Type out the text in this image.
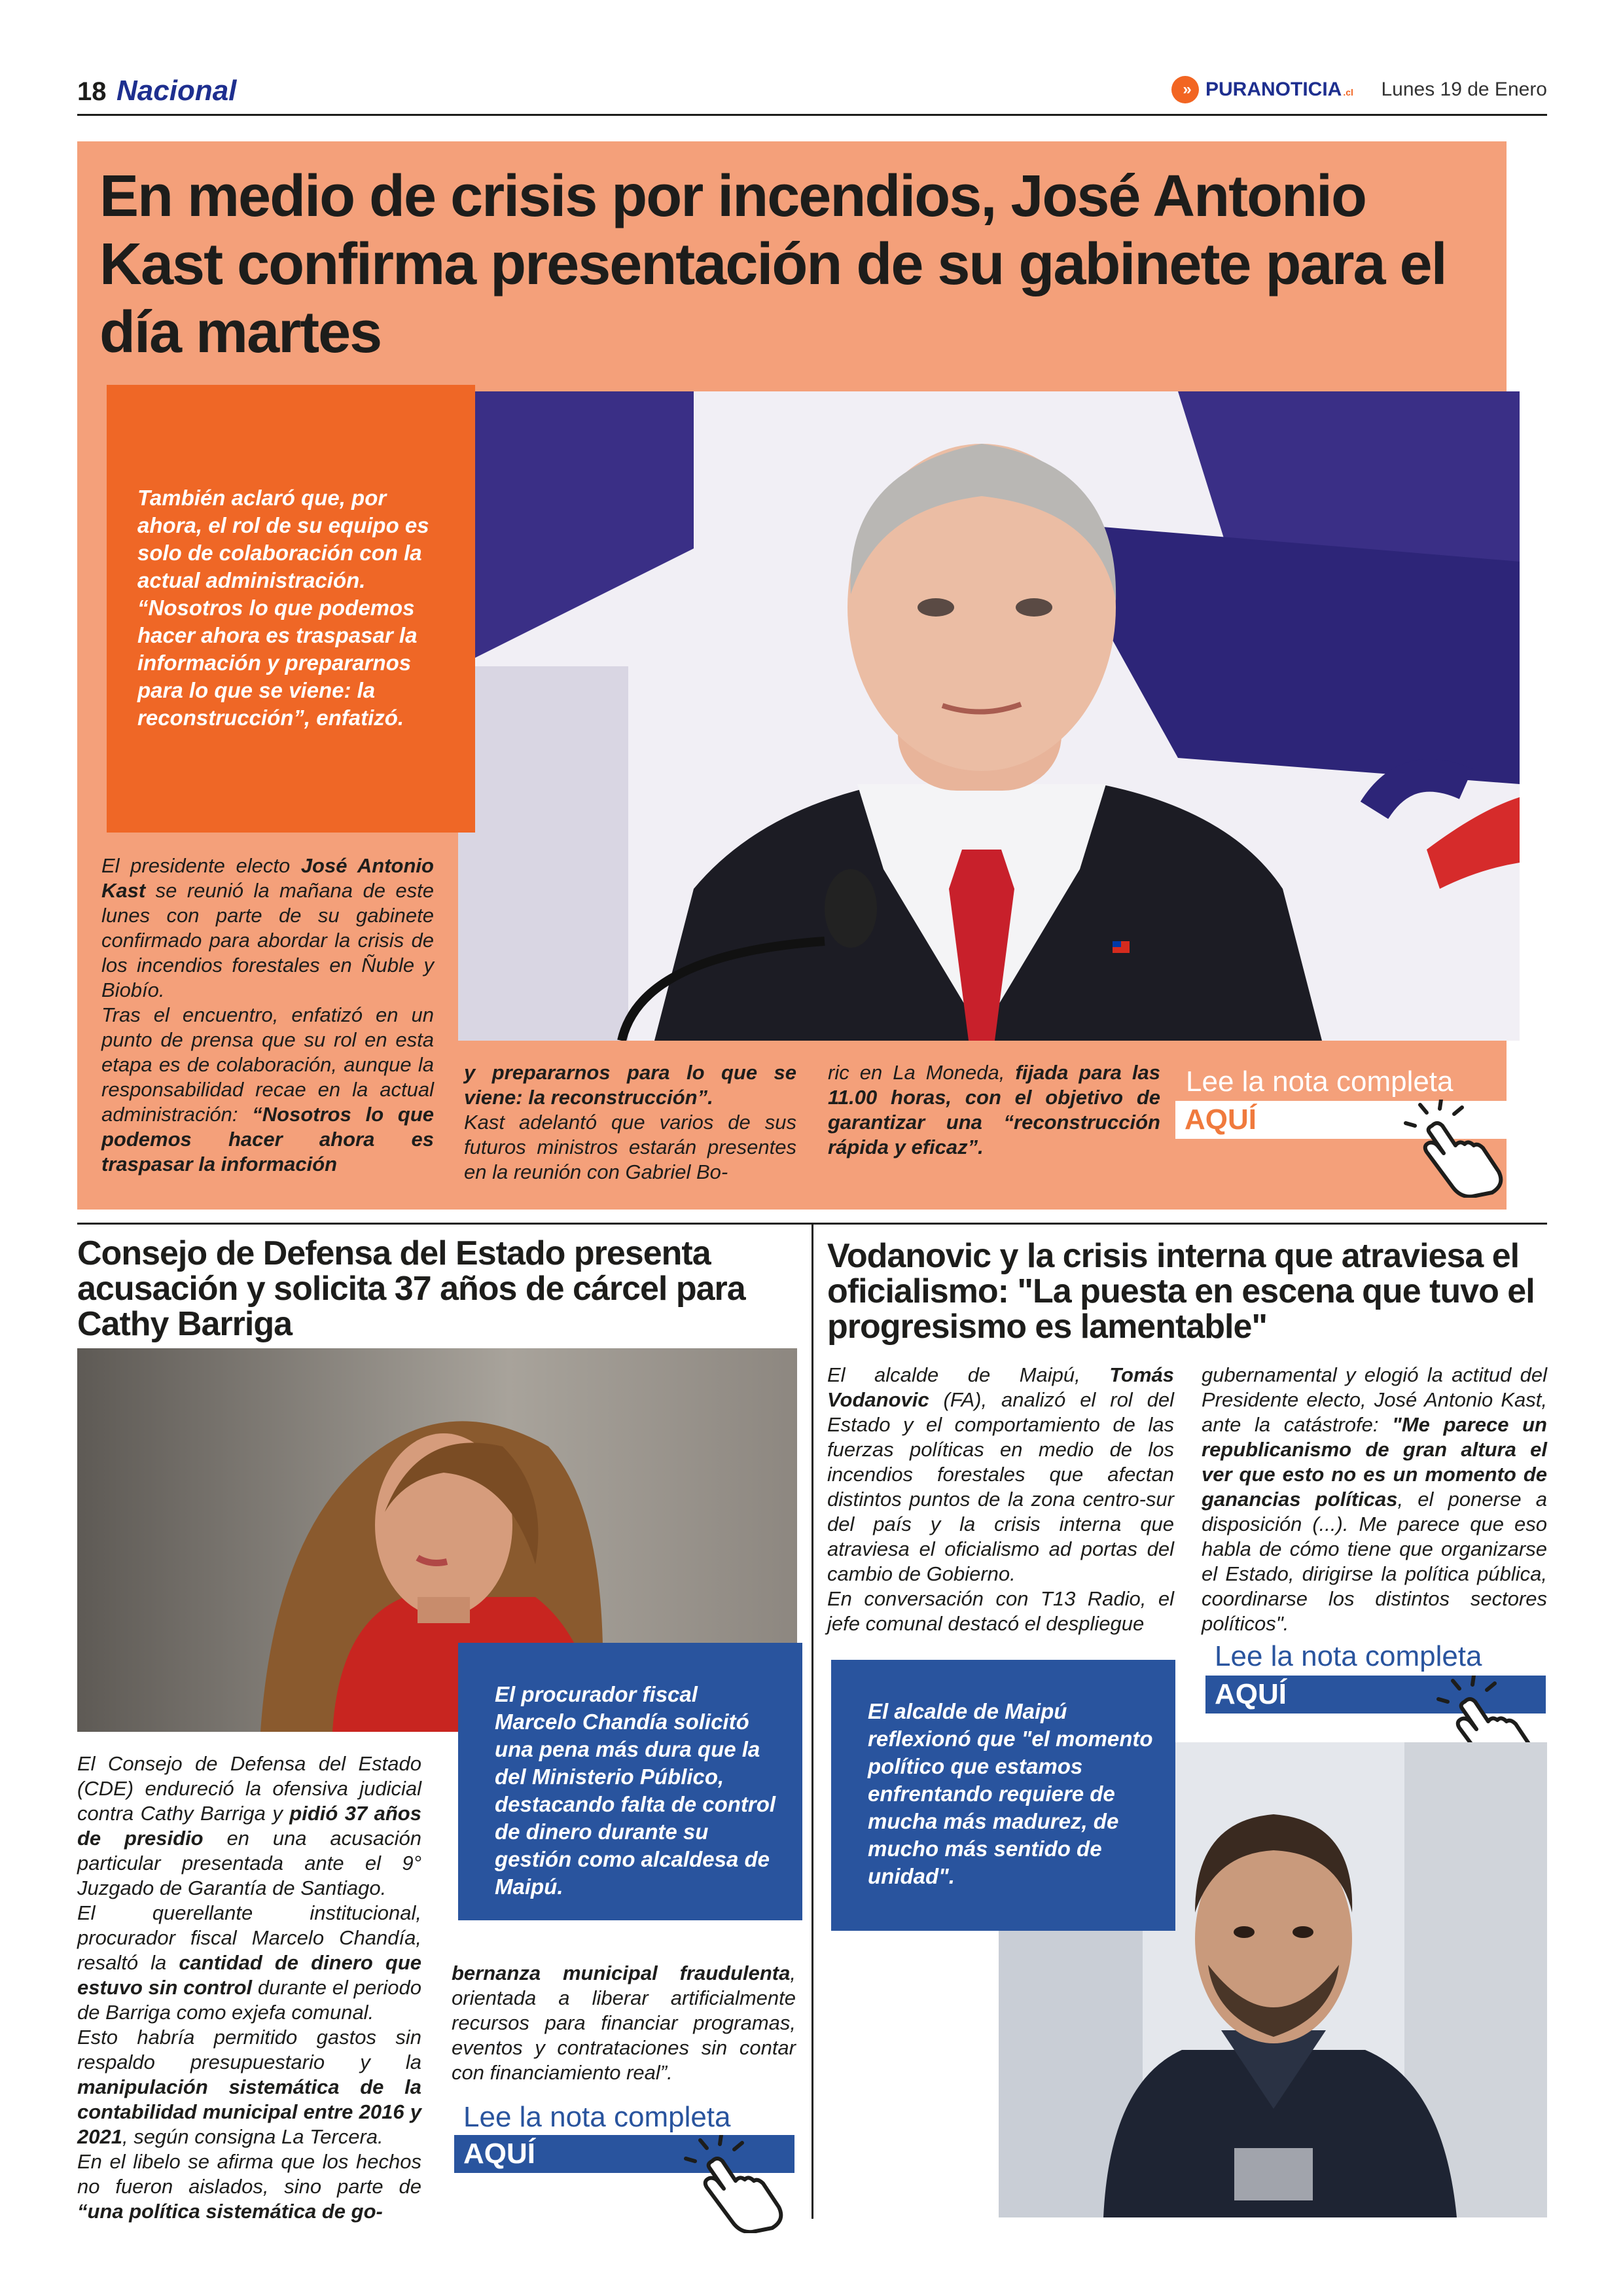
18 Nacional	» PURANOTICIA .cl Lunes 19 de Enero
En medio de crisis por incendios, José Antonio Kast confirma presentación de su gabinete para el día martes
También aclaró que, por ahora, el rol de su equipo es solo de colaboración con la actual administración. “Nosotros lo que podemos hacer ahora es traspasar la información y prepararnos para lo que se viene: la reconstrucción”, enfatizó.
El presidente electo José Antonio Kast se reunió la mañana de este lunes con parte de su gabinete confirmado para abordar la crisis de los incendios forestales en Ñuble y Biobío.
Tras el encuentro, enfatizó en un punto de prensa que su rol en esta etapa es de colaboración, aunque la responsabilidad recae en la actual administración: “Nosotros lo que podemos hacer ahora es traspasar la información
y prepararnos para lo que se viene: la reconstrucción”.
Kast adelantó que varios de sus futuros ministros estarán presentes en la reunión con Gabriel Bo-
ric en La Moneda, fijada para las 11.00 horas, con el objetivo de garantizar una “reconstrucción rápida y eficaz”.
Lee la nota completa
AQUÍ
Consejo de Defensa del Estado presenta acusación y solicita 37 años de cárcel para Cathy Barriga
El procurador fiscal Marcelo Chandía solicitó una pena más dura que la del Ministerio Público, destacando falta de control de dinero durante su gestión como alcaldesa de Maipú.
El Consejo de Defensa del Estado (CDE) endureció la ofensiva judicial contra Cathy Barriga y pidió 37 años de presidio en una acusación particular presentada ante el 9° Juzgado de Garantía de Santiago.
El querellante institucional, procurador fiscal Marcelo Chandía, resaltó la cantidad de dinero que estuvo sin control durante el periodo de Barriga como exjefa comunal.
Esto habría permitido gastos sin respaldo presupuestario y la manipulación sistemática de la contabilidad municipal entre 2016 y 2021, según consigna La Tercera.
En el libelo se afirma que los hechos no fueron aislados, sino parte de “una política sistemática de go-
bernanza municipal fraudulenta, orientada a liberar artificialmente recursos para financiar programas, eventos y contrataciones sin contar con financiamiento real”.
Lee la nota completa
AQUÍ
Vodanovic y la crisis interna que atraviesa el oficialismo: "La puesta en escena que tuvo el progresismo es lamentable"
El alcalde de Maipú, Tomás Vodanovic (FA), analizó el rol del Estado y el comportamiento de las fuerzas políticas en medio de los incendios forestales que afectan distintos puntos de la zona centro-sur del país y la crisis interna que atraviesa el oficialismo ad portas del cambio de Gobierno.
En conversación con T13 Radio, el jefe comunal destacó el despliegue
gubernamental y elogió la actitud del Presidente electo, José Antonio Kast, ante la catástrofe: "Me parece un republicanismo de gran altura el ver que esto no es un momento de ganancias políticas, el ponerse a disposición (...). Me parece que eso habla de cómo tiene que organizarse el Estado, dirigirse la política pública, coordinarse los distintos sectores políticos".
Lee la nota completa
AQUÍ
El alcalde de Maipú reflexionó que "el momento político que estamos enfrentando requiere de mucha más madurez, de mucho más sentido de unidad".
